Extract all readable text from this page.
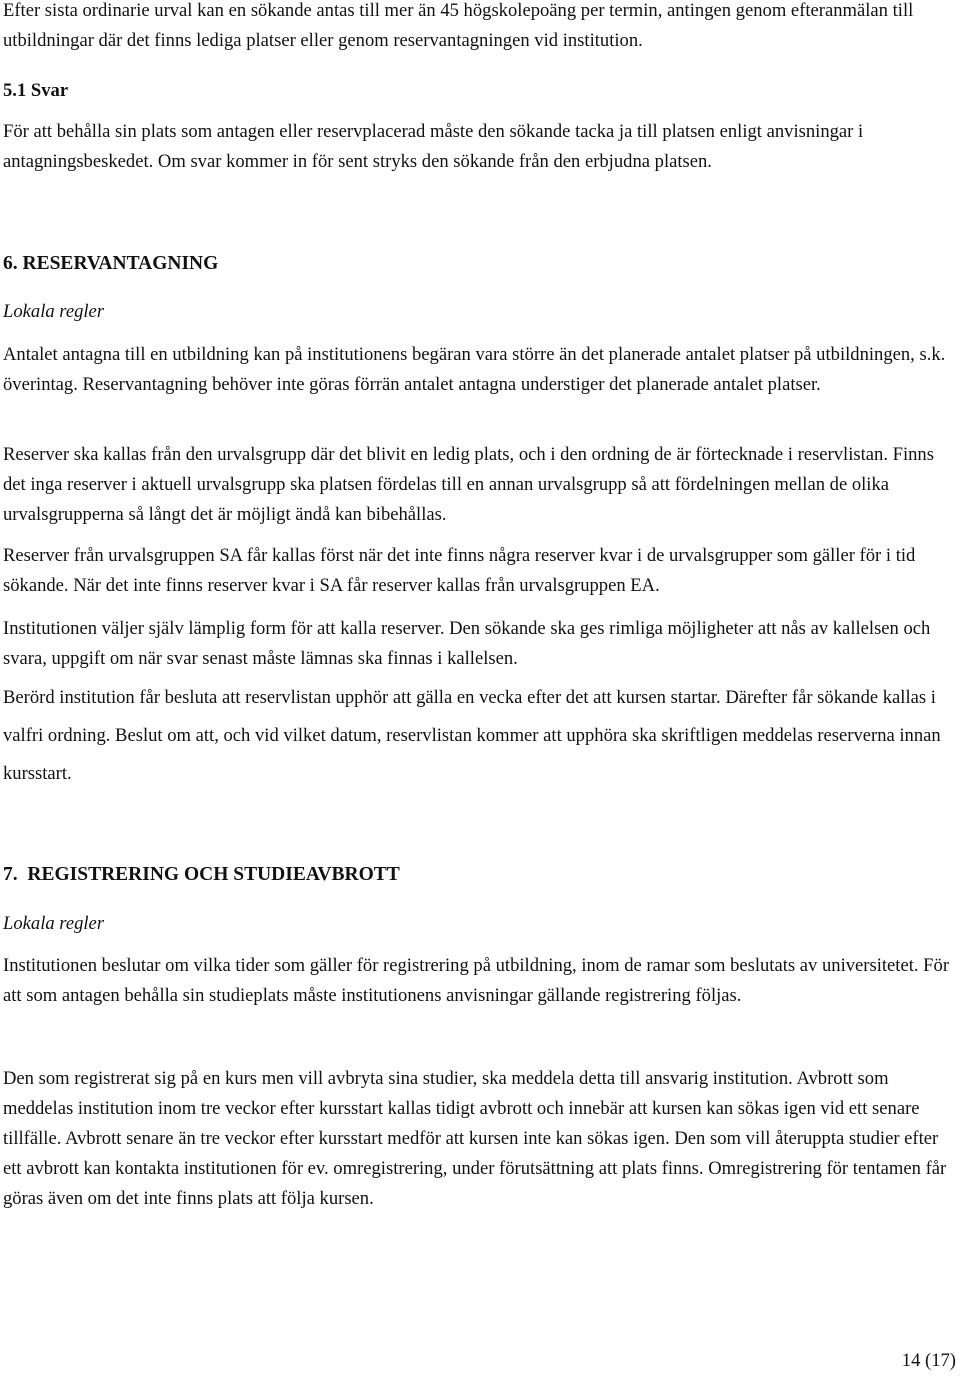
Efter sista ordinarie urval kan en sökande antas till mer än 45 högskolepoäng per termin, antingen genom efteranmälan till utbildningar där det finns lediga platser eller genom reservantagningen vid institution.

5.1 Svar

För att behålla sin plats som antagen eller reservplacerad måste den sökande tacka ja till platsen enligt anvisningar i antagningsbeskedet. Om svar kommer in för sent stryks den sökande från den erbjudna platsen.

6. RESERVANTAGNING

Lokala regler

Antalet antagna till en utbildning kan på institutionens begäran vara större än det planerade antalet platser på utbildningen, s.k. överintag. Reservantagning behöver inte göras förrän antalet antagna understiger det planerade antalet platser.

Reserver ska kallas från den urvalsgrupp där det blivit en ledig plats, och i den ordning de är förtecknade i reservlistan. Finns det inga reserver i aktuell urvalsgrupp ska platsen fördelas till en annan urvalsgrupp så att fördelningen mellan de olika urvalsgrupperna så långt det är möjligt ändå kan bibehållas.

Reserver från urvalsgruppen SA får kallas först när det inte finns några reserver kvar i de urvalsgrupper som gäller för i tid sökande. När det inte finns reserver kvar i SA får reserver kallas från urvalsgruppen EA.

Institutionen väljer själv lämplig form för att kalla reserver. Den sökande ska ges rimliga möjligheter att nås av kallelsen och svara, uppgift om när svar senast måste lämnas ska finnas i kallelsen.

Berörd institution får besluta att reservlistan upphör att gälla en vecka efter det att kursen startar. Därefter får sökande kallas i valfri ordning. Beslut om att, och vid vilket datum, reservlistan kommer att upphöra ska skriftligen meddelas reserverna innan kursstart.

7.  REGISTRERING OCH STUDIEAVBROTT

Lokala regler

Institutionen beslutar om vilka tider som gäller för registrering på utbildning, inom de ramar som beslutats av universitetet. För att som antagen behålla sin studieplats måste institutionens anvisningar gällande registrering följas.

Den som registrerat sig på en kurs men vill avbryta sina studier, ska meddela detta till ansvarig institution. Avbrott som meddelas institution inom tre veckor efter kursstart kallas tidigt avbrott och innebär att kursen kan sökas igen vid ett senare tillfälle. Avbrott senare än tre veckor efter kursstart medför att kursen inte kan sökas igen. Den som vill återuppta studier efter ett avbrott kan kontakta institutionen för ev. omregistrering, under förutsättning att plats finns. Omregistrering för tentamen får göras även om det inte finns plats att följa kursen.

14 (17)
